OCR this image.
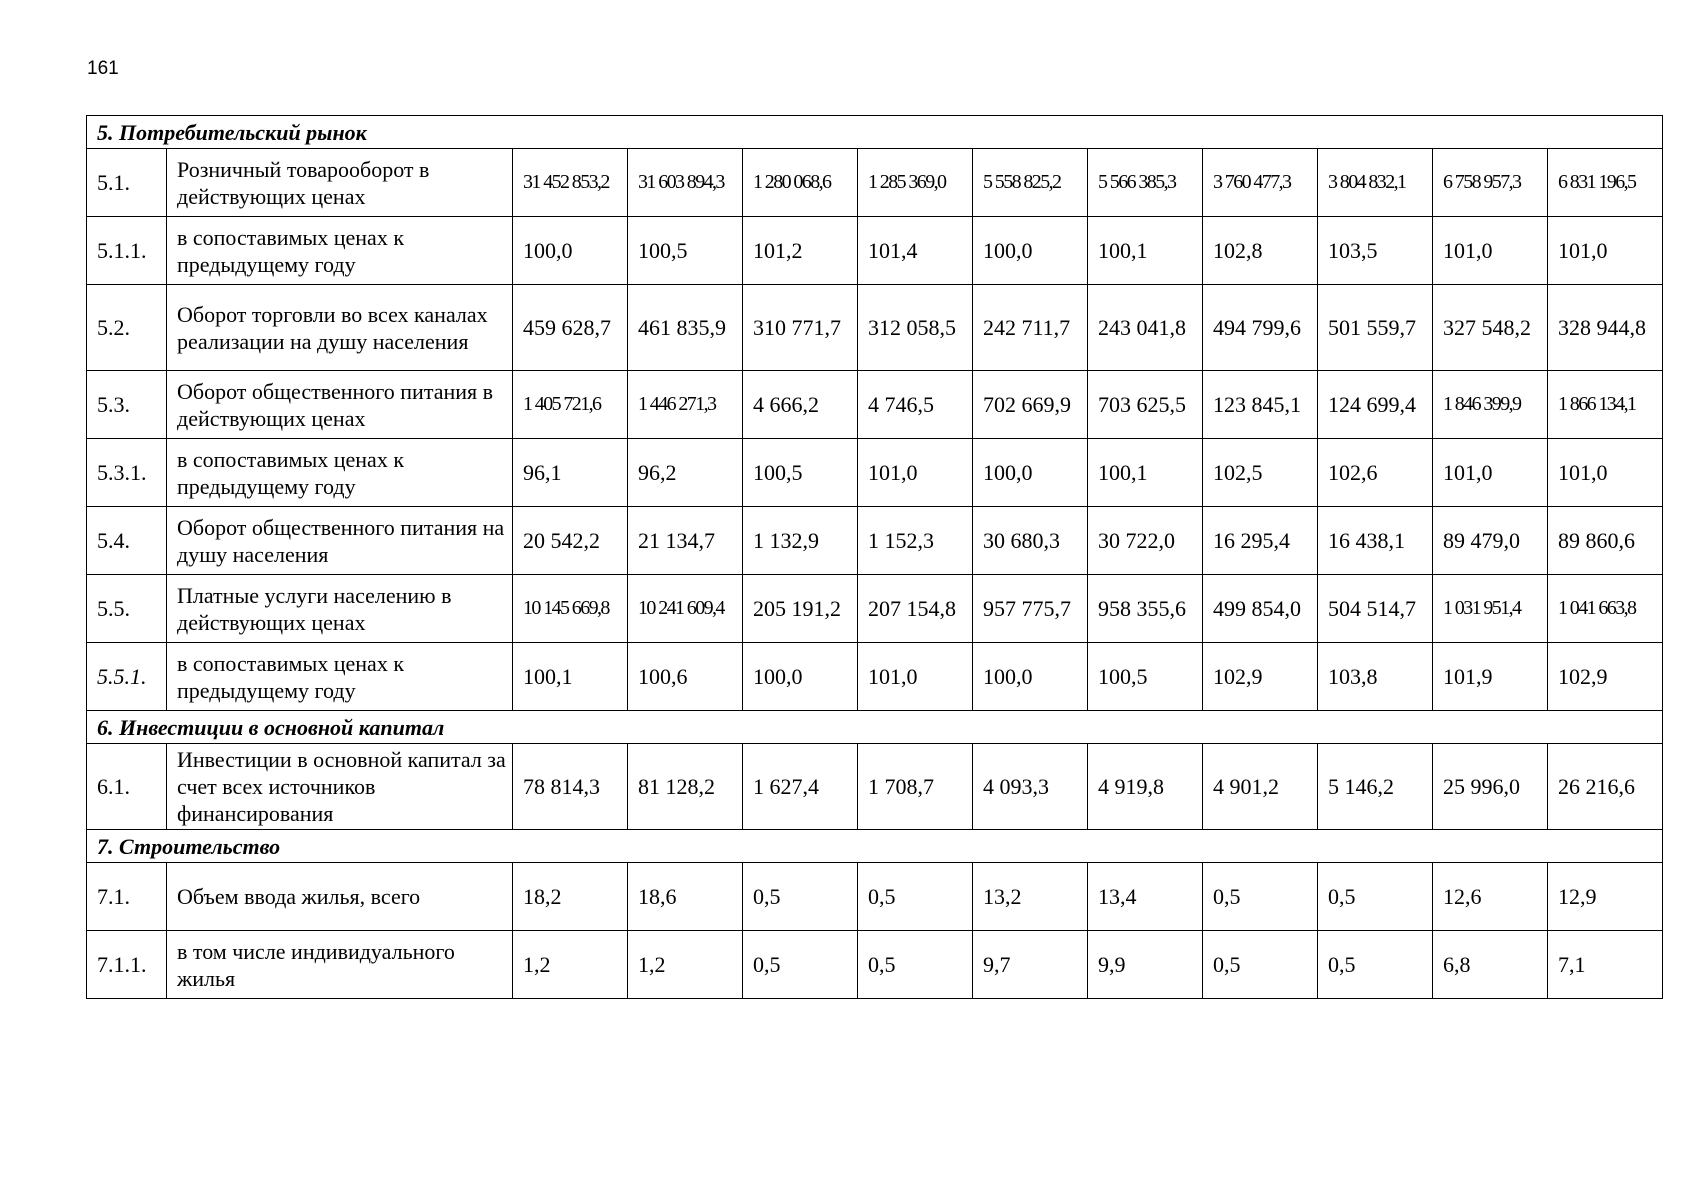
161
5. Потребительский рынок											
5.1.	Розничный товарооборот в действующих ценах	31 452 853,2	31 603 894,3	1 280 068,6	1 285 369,0	5 558 825,2	5 566 385,3	3 760 477,3	3 804 832,1	6 758 957,3	6 831 196,5
5.1.1.	в сопоставимых ценах к предыдущему году	100,0	100,5	101,2	101,4	100,0	100,1	102,8	103,5	101,0	101,0
5.2.	Оборот торговли во всех каналах реализации на душу населения	459 628,7	461 835,9	310 771,7	312 058,5	242 711,7	243 041,8	494 799,6	501 559,7	327 548,2	328 944,8
5.3.	Оборот общественного питания в действующих ценах	1 405 721,6	1 446 271,3	4 666,2	4 746,5	702 669,9	703 625,5	123 845,1	124 699,4	1 846 399,9	1 866 134,1
5.3.1.	в сопоставимых ценах к предыдущему году	96,1	96,2	100,5	101,0	100,0	100,1	102,5	102,6	101,0	101,0
5.4.	Оборот общественного питания на душу населения	20 542,2	21 134,7	1 132,9	1 152,3	30 680,3	30 722,0	16 295,4	16 438,1	89 479,0	89 860,6
5.5.	Платные услуги населению в действующих ценах	10 145 669,8	10 241 609,4	205 191,2	207 154,8	957 775,7	958 355,6	499 854,0	504 514,7	1 031 951,4	1 041 663,8
5.5.1.	в сопоставимых ценах к предыдущему году	100,1	100,6	100,0	101,0	100,0	100,5	102,9	103,8	101,9	102,9
6. Инвестиции в основной капитал											
6.1.	Инвестиции в основной капитал за счет всех источников финансирования	78 814,3	81 128,2	1 627,4	1 708,7	4 093,3	4 919,8	4 901,2	5 146,2	25 996,0	26 216,6
7. Строительство											
7.1.	Объем ввода жилья, всего	18,2	18,6	0,5	0,5	13,2	13,4	0,5	0,5	12,6	12,9
7.1.1.	в том числе индивидуального жилья	1,2	1,2	0,5	0,5	9,7	9,9	0,5	0,5	6,8	7,1
